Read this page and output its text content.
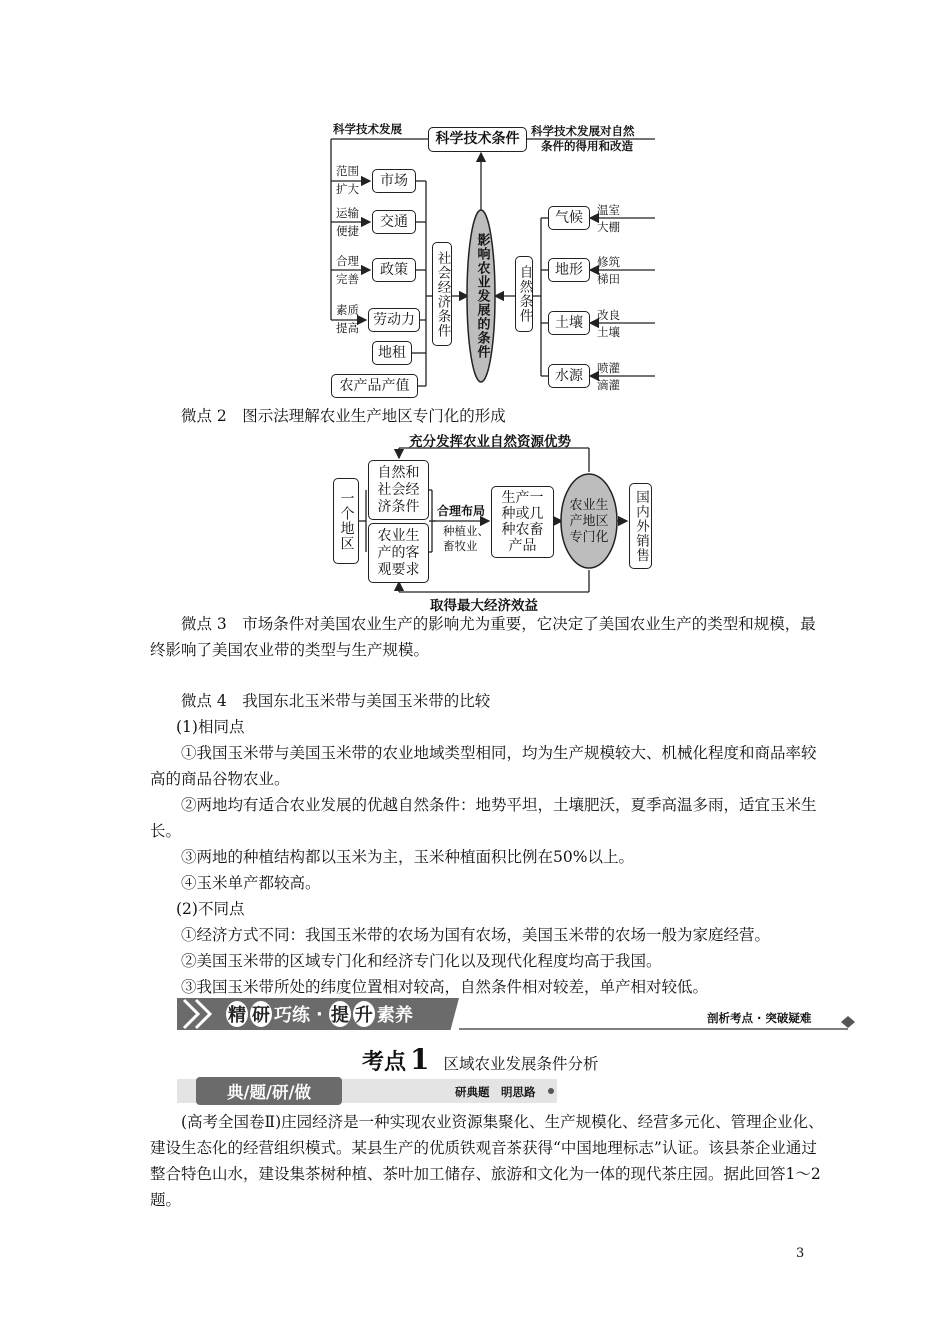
科学技术发展
科学技术条件	科学技术发展对自然
条件的得用和改造
范围
扩大
运输
便捷
合理
完善
素质
提高
市场
交通
政策
劳动力
地租
农产品产值
社会经济条件 影响农业发展的条件 自然条件
气候
地形
土壤
水源
温室
大棚
修筑
梯田
改良
土壤
喷灌
滴灌
微点 2　图示法理解农业生产地区专门化的形成
充分发挥农业自然资源优势
取得最大经济效益
一个地区
自然和
社会经
济条件
农业生
产的客
观要求
合理布局
种植业、
畜牧业
生产一
种或几
种农畜
产品
农业生
产地区
专门化	国内外销售

微点 3　市场条件对美国农业生产的影响尤为重要，它决定了美国农业生产的类型和规模，最终影响了美国农业带的类型与生产规模。

微点 4　我国东北玉米带与美国玉米带的比较

(1)相同点

①我国玉米带与美国玉米带的农业地域类型相同，均为生产规模较大、机械化程度和商品率较高的商品谷物农业。

②两地均有适合农业发展的优越自然条件：地势平坦，土壤肥沃，夏季高温多雨，适宜玉米生长。

③两地的种植结构都以玉米为主，玉米种植面积比例在50%以上。

④玉米单产都较高。

(2)不同点

①经济方式不同：我国玉米带的农场为国有农场，美国玉米带的农场一般为家庭经营。

②美国玉米带的区域专门化和经济专门化以及现代化程度均高于我国。

③我国玉米带所处的纬度位置相对较高，自然条件相对较差，单产相对较低。

精 研 巧练 · 提 升 素养	剖析考点 · 突破疑难
考点 1 区域农业发展条件分析
典/题/研/做	研典题　明思路

(高考全国卷Ⅱ)庄园经济是一种实现农业资源集聚化、生产规模化、经营多元化、管理企业化、建设生态化的经营组织模式。某县生产的优质铁观音茶获得“中国地理标志”认证。该县茶企业通过整合特色山水，建设集茶树种植、茶叶加工储存、旅游和文化为一体的现代茶庄园。据此回答1～2题。

3
